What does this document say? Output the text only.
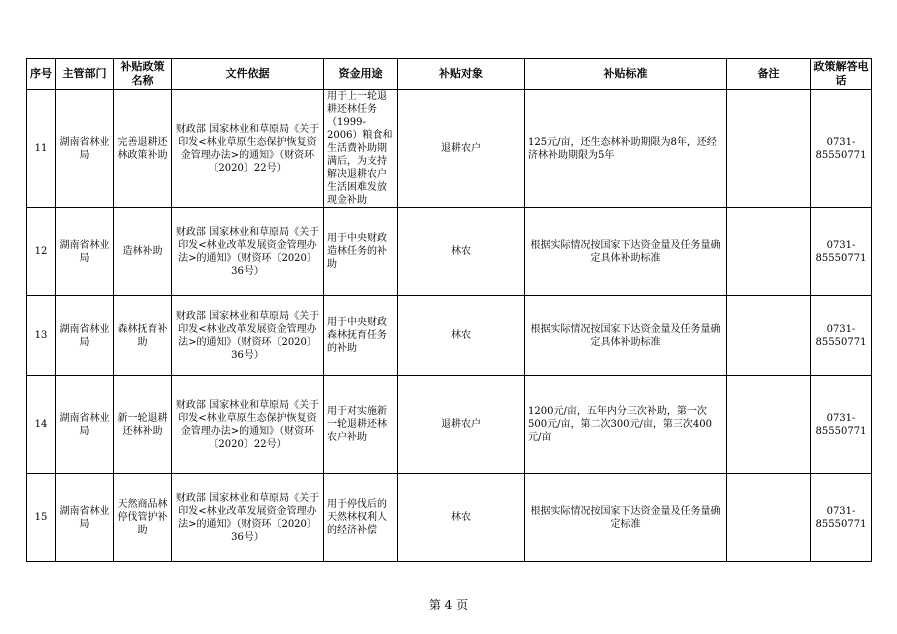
序号	主管部门	补贴政策名称	文件依据	资金用途	补贴对象	补贴标准	备注	政策解答电话
11	湖南省林业局	完善退耕还林政策补助	财政部 国家林业和草原局《关于印发<林业草原生态保护恢复资金管理办法>的通知》（财资环〔2020〕22号）	用于上一轮退耕还林任务（1999-2006）粮食和生活费补助期满后，为支持解决退耕农户生活困难发放现金补助	退耕农户	125元/亩，还生态林补助期限为8年，还经济林补助期限为5年		0731-85550771
12	湖南省林业局	造林补助	财政部 国家林业和草原局《关于印发<林业改革发展资金管理办法>的通知》（财资环〔2020〕36号）	用于中央财政造林任务的补助	林农	根据实际情况按国家下达资金量及任务量确定具体补助标准		0731-85550771
13	湖南省林业局	森林抚育补助	财政部 国家林业和草原局《关于印发<林业改革发展资金管理办法>的通知》（财资环〔2020〕36号）	用于中央财政森林抚育任务的补助	林农	根据实际情况按国家下达资金量及任务量确定具体补助标准		0731-85550771
14	湖南省林业局	新一轮退耕还林补助	财政部 国家林业和草原局《关于印发<林业草原生态保护恢复资金管理办法>的通知》（财资环〔2020〕22号）	用于对实施新一轮退耕还林农户补助	退耕农户	1200元/亩，五年内分三次补助，第一次500元/亩，第二次300元/亩，第三次400元/亩		0731-85550771
15	湖南省林业局	天然商品林停伐管护补助	财政部 国家林业和草原局《关于印发<林业改革发展资金管理办法>的通知》（财资环〔2020〕36号）	用于停伐后的天然林权利人的经济补偿	林农	根据实际情况按国家下达资金量及任务量确定标准		0731-85550771
第 4 页
